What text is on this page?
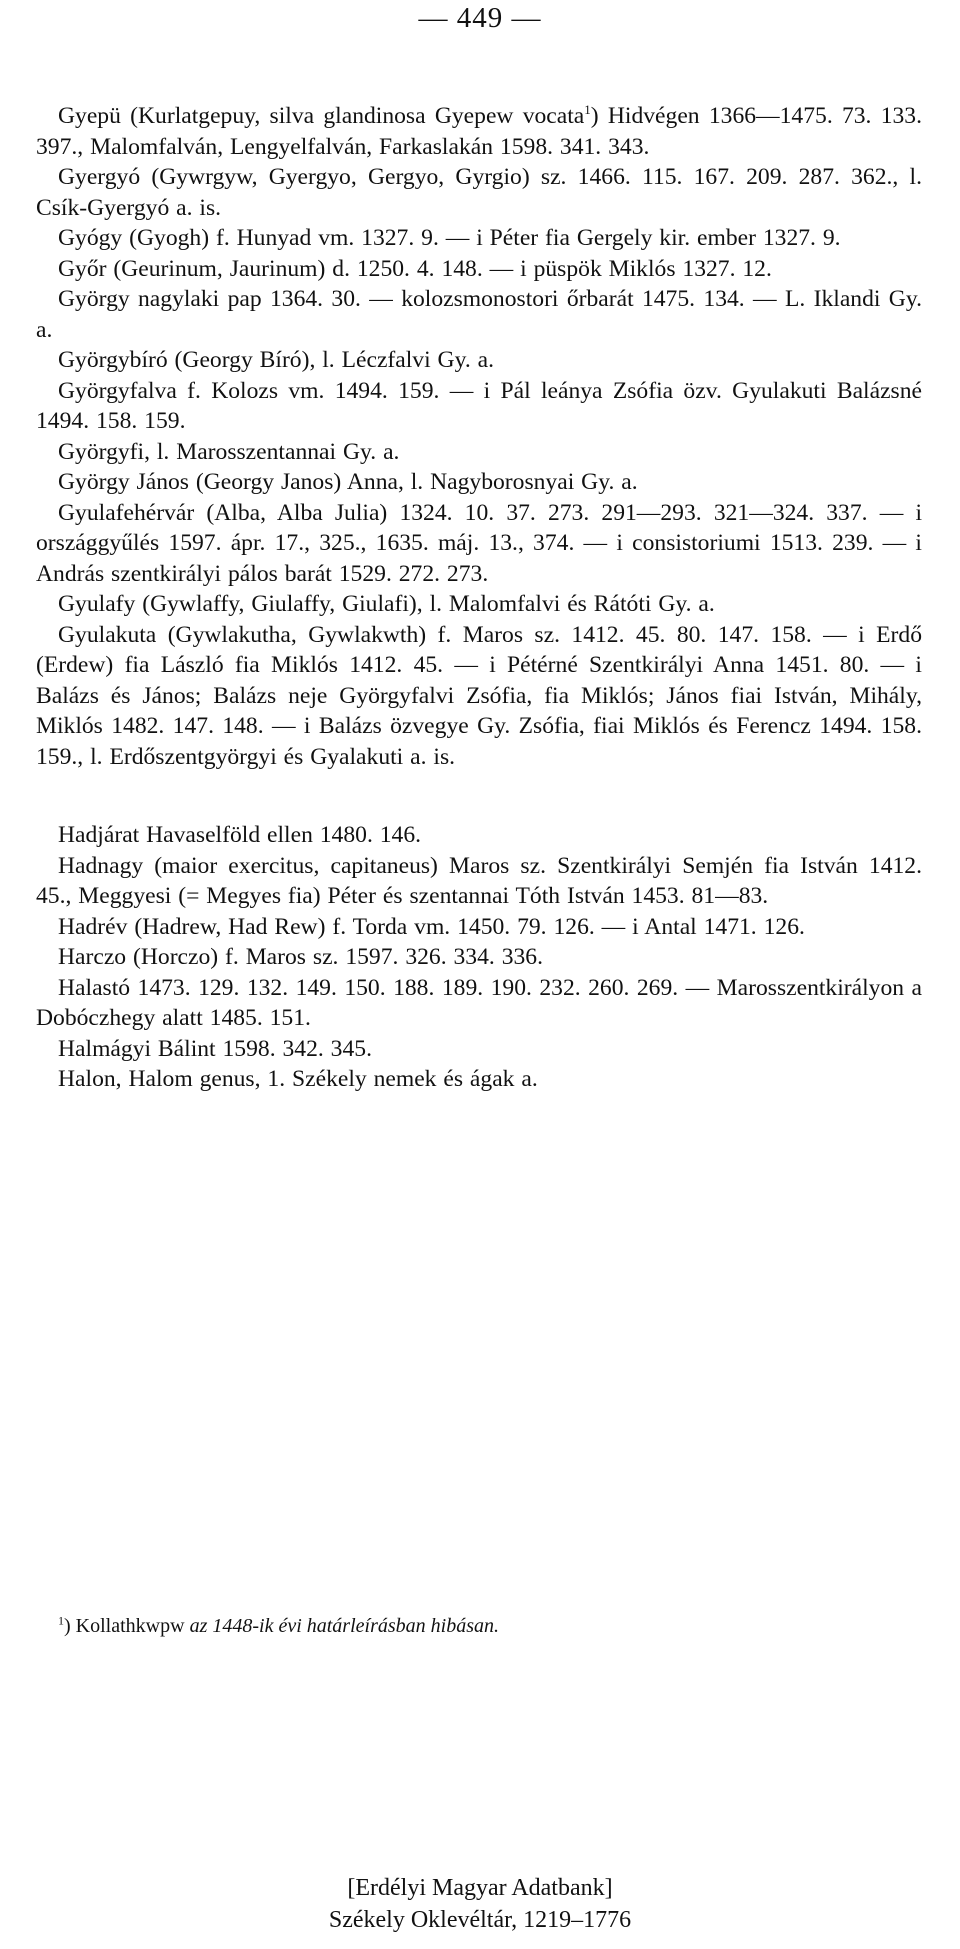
— 449 —

Gyepü (Kurlatgepuy, silva glandinosa Gyepew vocata$^1$) Hidvégen 1366—1475. 73. 133. 397., Malomfalván, Lengyelfalván, Farkaslakán 1598. 341. 343.

Gyergyó (Gywrgyw, Gyergyo, Gergyo, Gyrgio) sz. 1466. 115. 167. 209. 287. 362., l. Csík-Gyergyó a. is.

Gyógy (Gyogh) f. Hunyad vm. 1327. 9. — i Péter fia Gergely kir. ember 1327. 9.

Győr (Geurinum, Jaurinum) d. 1250. 4. 148. — i püspök Miklós 1327. 12.

György nagylaki pap 1364. 30. — kolozsmonostori őrbarát 1475. 134. — L. Iklandi Gy. a.

Györgybíró (Georgy Bíró), l. Léczfalvi Gy. a.

Györgyfalva f. Kolozs vm. 1494. 159. — i Pál leánya Zsófia özv. Gyulakuti Balázsné 1494. 158. 159.

Györgyfi, l. Marosszentannai Gy. a.

György János (Georgy Janos) Anna, l. Nagyborosnyai Gy. a.

Gyulafehérvár (Alba, Alba Julia) 1324. 10. 37. 273. 291—293. 321—324. 337. — i országgyűlés 1597. ápr. 17., 325., 1635. máj. 13., 374. — i consistoriumi 1513. 239. — i András szentkirályi pálos barát 1529. 272. 273.

Gyulafy (Gywlaffy, Giulaffy, Giulafi), l. Malomfalvi és Rátóti Gy. a.

Gyulakuta (Gywlakutha, Gywlakwth) f. Maros sz. 1412. 45. 80. 147. 158. — i Erdő (Erdew) fia László fia Miklós 1412. 45. — i Pétérné Szentkirályi Anna 1451. 80. — i Balázs és János; Balázs neje Györgyfalvi Zsófia, fia Miklós; János fiai István, Mihály, Miklós 1482. 147. 148. — i Balázs özvegye Gy. Zsófia, fiai Miklós és Ferencz 1494. 158. 159., l. Erdőszentgyörgyi és Gyalakuti a. is.

Hadjárat Havaselföld ellen 1480. 146.

Hadnagy (maior exercitus, capitaneus) Maros sz. Szentkirályi Semjén fia István 1412. 45., Meggyesi (= Megyes fia) Péter és szentannai Tóth István 1453. 81—83.

Hadrév (Hadrew, Had Rew) f. Torda vm. 1450. 79. 126. — i Antal 1471. 126.

Harczo (Horczo) f. Maros sz. 1597. 326. 334. 336.

Halastó 1473. 129. 132. 149. 150. 188. 189. 190. 232. 260. 269. — Marosszentkirályon a Dobóczhegy alatt 1485. 151.

Halmágyi Bálint 1598. 342. 345.

Halon, Halom genus, 1. Székely nemek és ágak a.

$^1$) Kollathkwpw az 1448-ik évi határleírásban hibásan.
[Erdélyi Magyar Adatbank]
Székely Oklevéltár, 1219–1776
